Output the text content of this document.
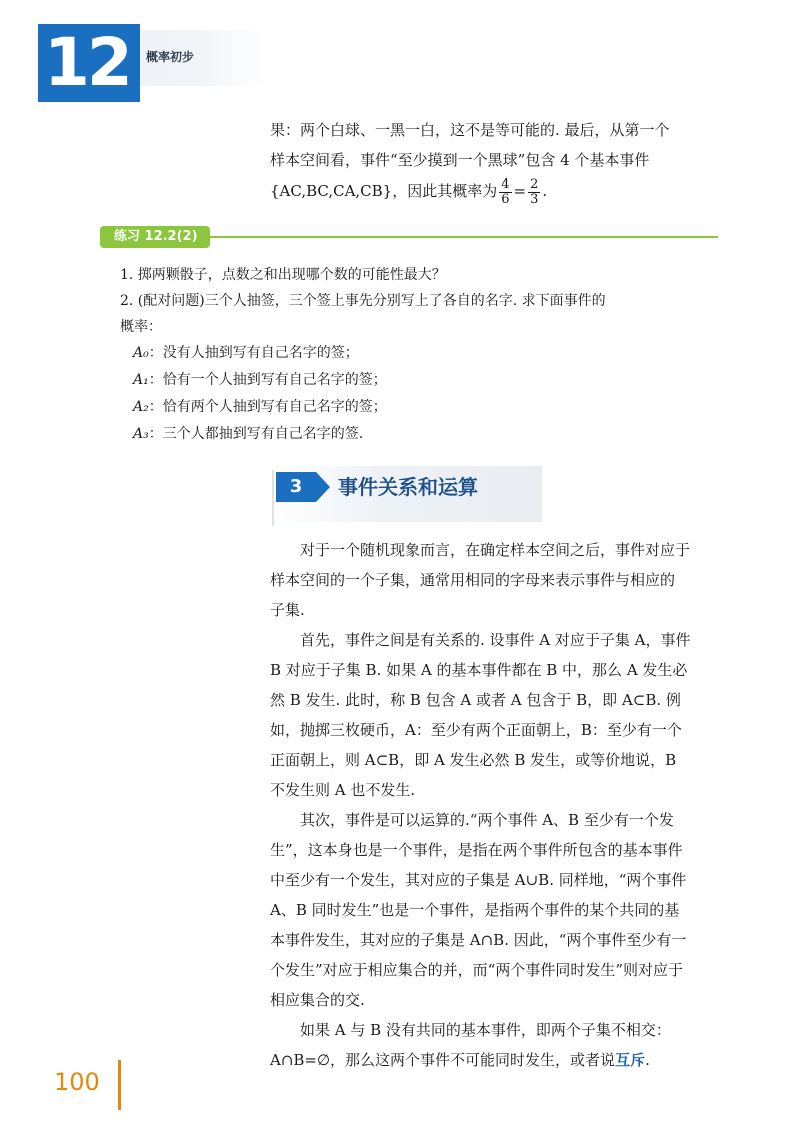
12 概率初步
果：两个白球、一黑一白，这不是等可能的. 最后，从第一个
样本空间看，事件“至少摸到一个黑球”包含 4 个基本事件
{AC,BC,CA,CB}，因此其概率为 $\frac{4}{6} = \frac{2}{3}$ .
练习 12.2(2)
1. 掷两颗骰子，点数之和出现哪个数的可能性最大？
2. (配对问题)三个人抽签，三个签上事先分别写上了各自的名字. 求下面事件的
概率：
A₀：没有人抽到写有自己名字的签；
A₁：恰有一个人抽到写有自己名字的签；
A₂：恰有两个人抽到写有自己名字的签；
A₃：三个人都抽到写有自己名字的签.
3	事件关系和运算
　　对于一个随机现象而言，在确定样本空间之后，事件对应于
样本空间的一个子集，通常用相同的字母来表示事件与相应的
子集.
　　首先，事件之间是有关系的. 设事件 A 对应于子集 A，事件
B 对应于子集 B. 如果 A 的基本事件都在 B 中，那么 A 发生必
然 B 发生. 此时，称 B 包含 A 或者 A 包含于 B，即 A⊂B. 例
如，抛掷三枚硬币，A：至少有两个正面朝上，B：至少有一个
正面朝上，则 A⊂B，即 A 发生必然 B 发生，或等价地说，B
不发生则 A 也不发生.
　　其次，事件是可以运算的.“两个事件 A、B 至少有一个发
生”，这本身也是一个事件，是指在两个事件所包含的基本事件
中至少有一个发生，其对应的子集是 A∪B. 同样地，“两个事件
A、B 同时发生”也是一个事件，是指两个事件的某个共同的基
本事件发生，其对应的子集是 A∩B. 因此，“两个事件至少有一
个发生”对应于相应集合的并，而“两个事件同时发生”则对应于
相应集合的交.
　　如果 A 与 B 没有共同的基本事件，即两个子集不相交：
A∩B=∅，那么这两个事件不可能同时发生，或者说互斥.
100
